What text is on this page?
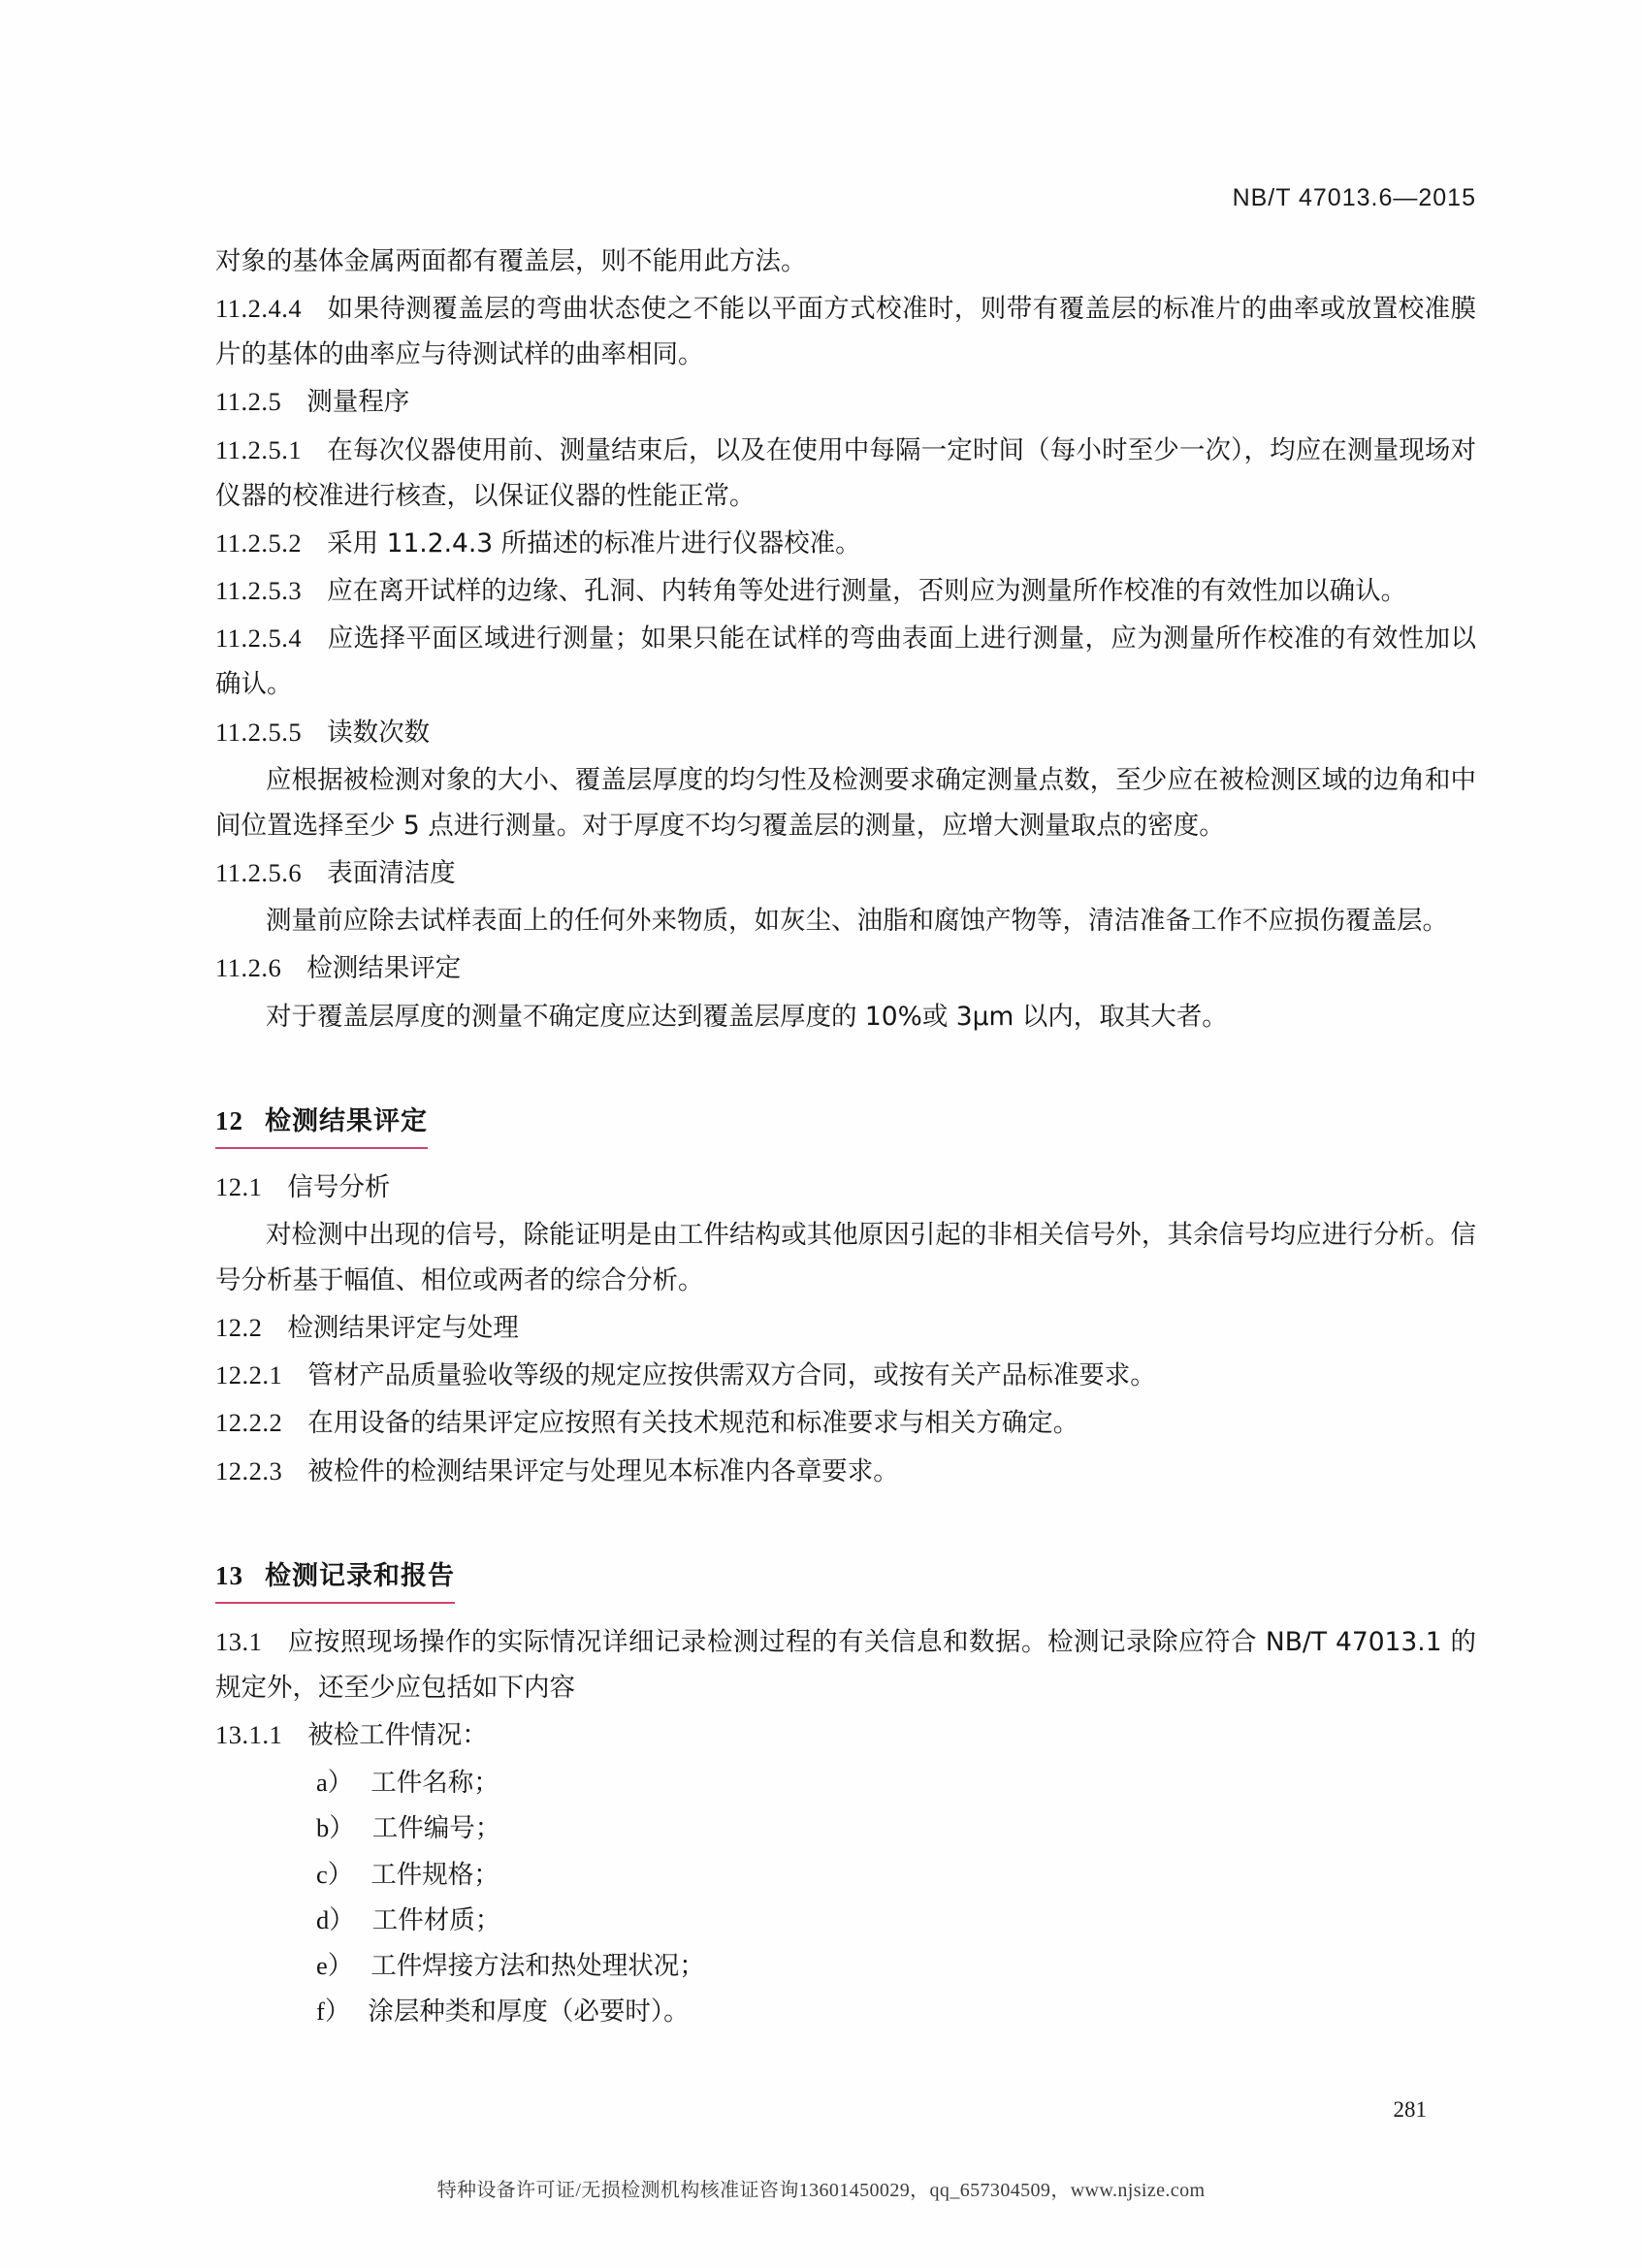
NB/T 47013.6—2015

对象的基体金属两面都有覆盖层，则不能用此方法。

11.2.4.4 如果待测覆盖层的弯曲状态使之不能以平面方式校准时，则带有覆盖层的标准片的曲率或放置校准膜片的基体的曲率应与待测试样的曲率相同。

11.2.5 测量程序

11.2.5.1 在每次仪器使用前、测量结束后，以及在使用中每隔一定时间（每小时至少一次），均应在测量现场对仪器的校准进行核查，以保证仪器的性能正常。

11.2.5.2 采用 11.2.4.3 所描述的标准片进行仪器校准。

11.2.5.3 应在离开试样的边缘、孔洞、内转角等处进行测量，否则应为测量所作校准的有效性加以确认。

11.2.5.4 应选择平面区域进行测量；如果只能在试样的弯曲表面上进行测量，应为测量所作校准的有效性加以确认。

11.2.5.5 读数次数

应根据被检测对象的大小、覆盖层厚度的均匀性及检测要求确定测量点数，至少应在被检测区域的边角和中间位置选择至少 5 点进行测量。对于厚度不均匀覆盖层的测量，应增大测量取点的密度。

11.2.5.6 表面清洁度

测量前应除去试样表面上的任何外来物质，如灰尘、油脂和腐蚀产物等，清洁准备工作不应损伤覆盖层。

11.2.6 检测结果评定

对于覆盖层厚度的测量不确定度应达到覆盖层厚度的 10%或 3μm 以内，取其大者。

12 检测结果评定

12.1 信号分析

对检测中出现的信号，除能证明是由工件结构或其他原因引起的非相关信号外，其余信号均应进行分析。信号分析基于幅值、相位或两者的综合分析。

12.2 检测结果评定与处理

12.2.1 管材产品质量验收等级的规定应按供需双方合同，或按有关产品标准要求。

12.2.2 在用设备的结果评定应按照有关技术规范和标准要求与相关方确定。

12.2.3 被检件的检测结果评定与处理见本标准内各章要求。

13 检测记录和报告

13.1 应按照现场操作的实际情况详细记录检测过程的有关信息和数据。检测记录除应符合 NB/T 47013.1 的规定外，还至少应包括如下内容

13.1.1 被检工件情况：

a） 工件名称；
b） 工件编号；
c） 工件规格；
d） 工件材质；
e） 工件焊接方法和热处理状况；
f） 涂层种类和厚度（必要时）。
281
特种设备许可证/无损检测机构核准证咨询13601450029，qq_657304509，www.njsize.com
